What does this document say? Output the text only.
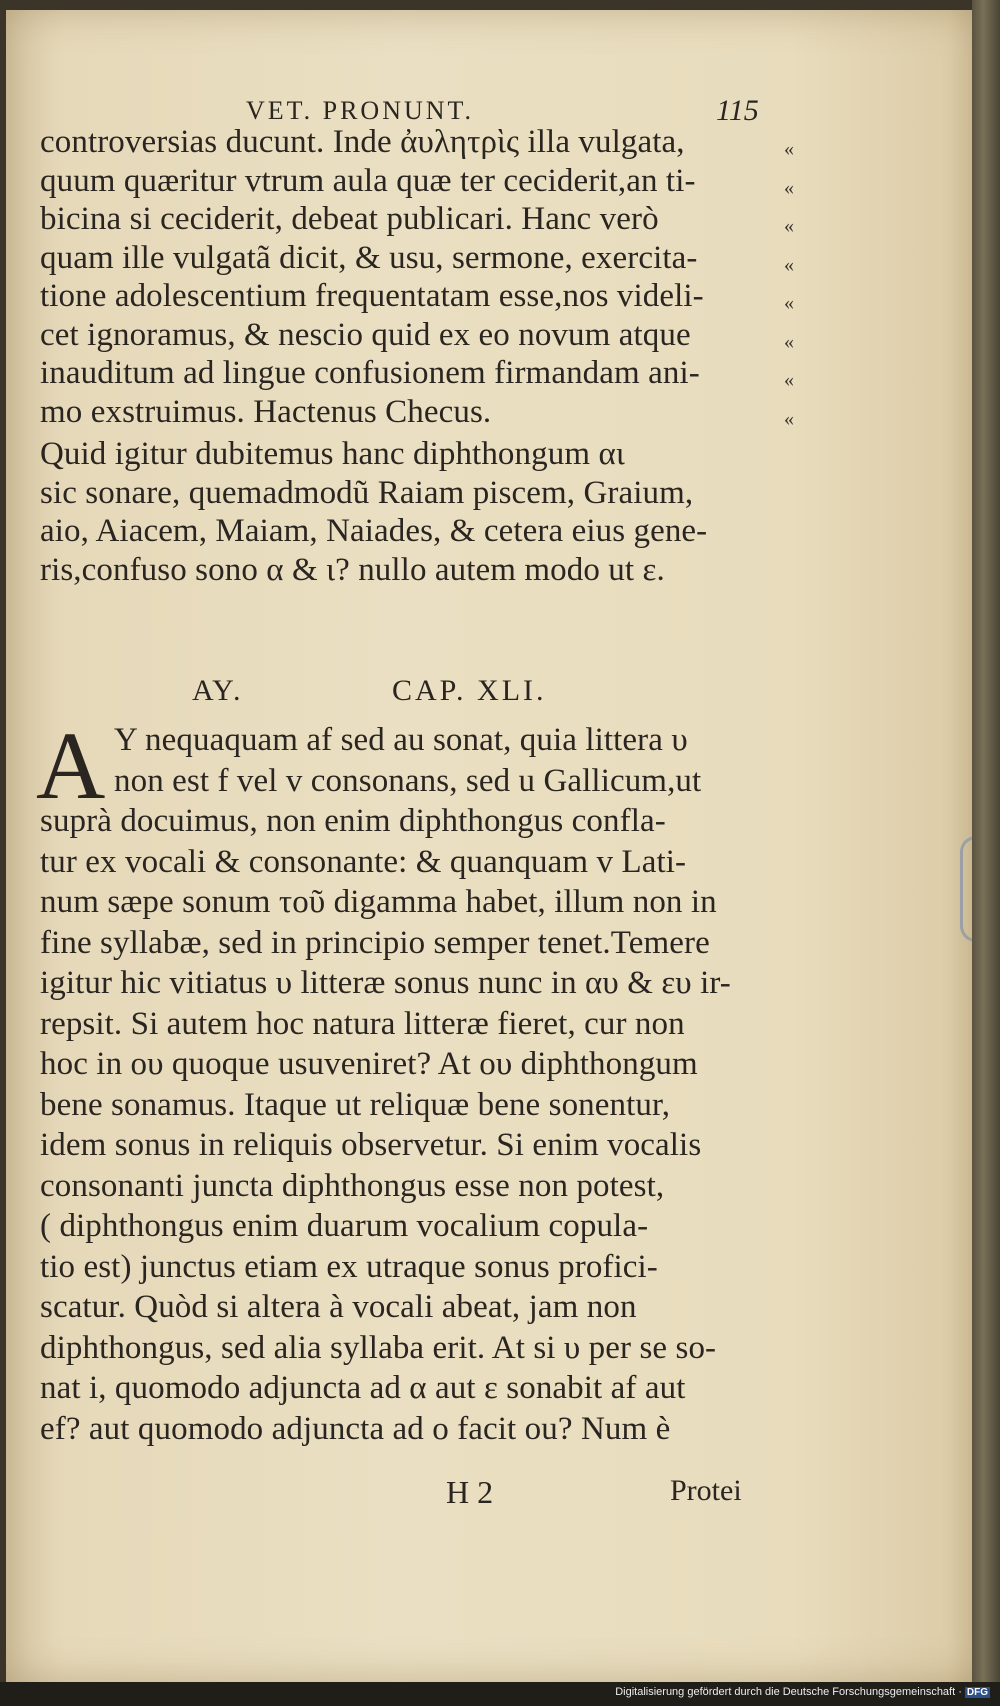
VET. PRONUNT.	115
controversias ducunt. Inde ἀυλητρὶς illa vulgata,
quum quæritur vtrum aula quæ ter ceciderit,an ti-
bicina si ceciderit, debeat publicari. Hanc verò
quam ille vulgatã dicit, & usu, sermone, exercita-
tione adolescentium frequentatam esse,nos videli-
cet ignoramus, & nescio quid ex eo novum atque
inauditum ad lingue confusionem firmandam ani-
mo exstruimus. Hactenus Checus.
«
«
«
«
«
«
«
«
Quid igitur dubitemus hanc diphthongum αι
sic sonare, quemadmodũ Raiam piscem, Graium,
aio, Aiacem, Maiam, Naiades, & cetera eius gene-
ris,confuso sono α & ι? nullo autem modo ut ε.
ΑΥ.	CAP. XLI.
A Υ nequaquam af sed au sonat, quia littera υ
non est f vel v consonans, sed u Gallicum,ut
suprà docuimus, non enim diphthongus confla-
tur ex vocali & consonante: & quanquam v Lati-
num sæpe sonum τοῦ digamma habet, illum non in
fine syllabæ, sed in principio semper tenet.Temere
igitur hic vitiatus υ litteræ sonus nunc in αυ & ευ ir-
repsit. Si autem hoc natura litteræ fieret, cur non
hoc in ου quoque usuveniret? At ου diphthongum
bene sonamus. Itaque ut reliquæ bene sonentur,
idem sonus in reliquis observetur. Si enim vocalis
consonanti juncta diphthongus esse non potest,
( diphthongus enim duarum vocalium copula-
tio est) junctus etiam ex utraque sonus profici-
scatur. Quòd si altera à vocali abeat, jam non
diphthongus, sed alia syllaba erit. At si υ per se so-
nat i, quomodo adjuncta ad α aut ε sonabit af aut
ef? aut quomodo adjuncta ad ο facit ou? Num è
H 2	Protei
Digitalisierung gefördert durch die Deutsche Forschungsgemeinschaft · DFG
